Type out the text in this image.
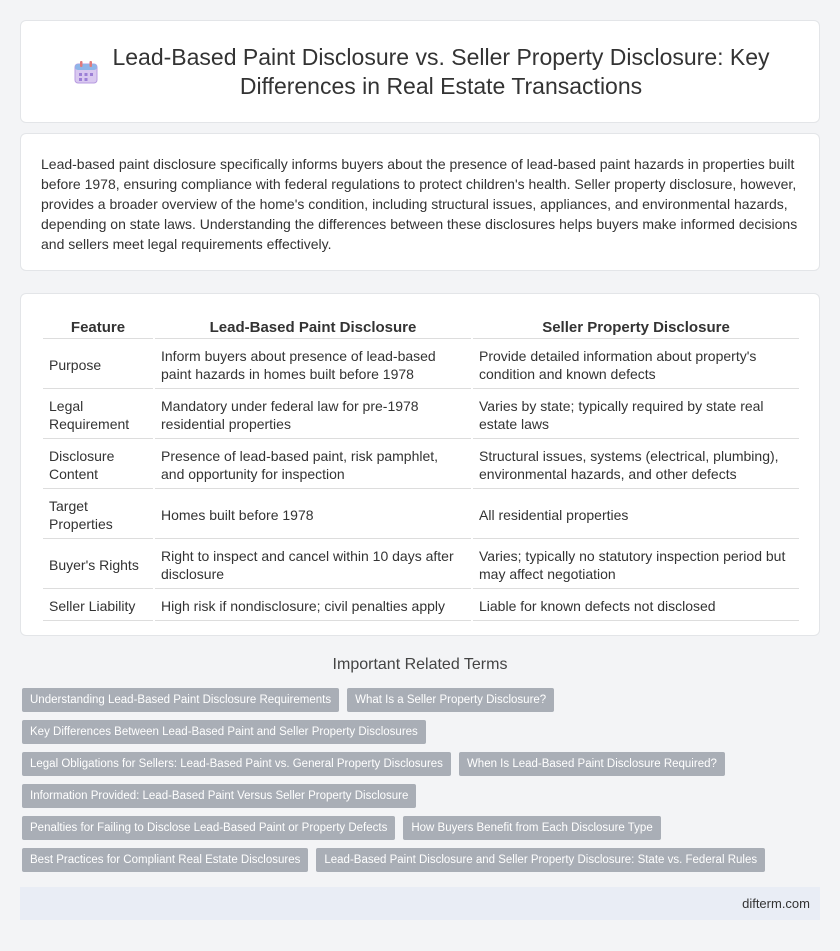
Lead-Based Paint Disclosure vs. Seller Property Disclosure: Key Differences in Real Estate Transactions

Lead-based paint disclosure specifically informs buyers about the presence of lead-based paint hazards in properties built before 1978, ensuring compliance with federal regulations to protect children's health. Seller property disclosure, however, provides a broader overview of the home's condition, including structural issues, appliances, and environmental hazards, depending on state laws. Understanding the differences between these disclosures helps buyers make informed decisions and sellers meet legal requirements effectively.

Feature	Lead-Based Paint Disclosure	Seller Property Disclosure
Purpose	Inform buyers about presence of lead-based paint hazards in homes built before 1978	Provide detailed information about property's condition and known defects
Legal Requirement	Mandatory under federal law for pre-1978 residential properties	Varies by state; typically required by state real estate laws
Disclosure Content	Presence of lead-based paint, risk pamphlet, and opportunity for inspection	Structural issues, systems (electrical, plumbing), environmental hazards, and other defects
Target Properties	Homes built before 1978	All residential properties
Buyer's Rights	Right to inspect and cancel within 10 days after disclosure	Varies; typically no statutory inspection period but may affect negotiation
Seller Liability	High risk if nondisclosure; civil penalties apply	Liable for known defects not disclosed
Important Related Terms
Understanding Lead-Based Paint Disclosure Requirements	What Is a Seller Property Disclosure?
Key Differences Between Lead-Based Paint and Seller Property Disclosures
Legal Obligations for Sellers: Lead-Based Paint vs. General Property Disclosures	When Is Lead-Based Paint Disclosure Required?
Information Provided: Lead-Based Paint Versus Seller Property Disclosure
Penalties for Failing to Disclose Lead-Based Paint or Property Defects	How Buyers Benefit from Each Disclosure Type
Best Practices for Compliant Real Estate Disclosures	Lead-Based Paint Disclosure and Seller Property Disclosure: State vs. Federal Rules
difterm.com
